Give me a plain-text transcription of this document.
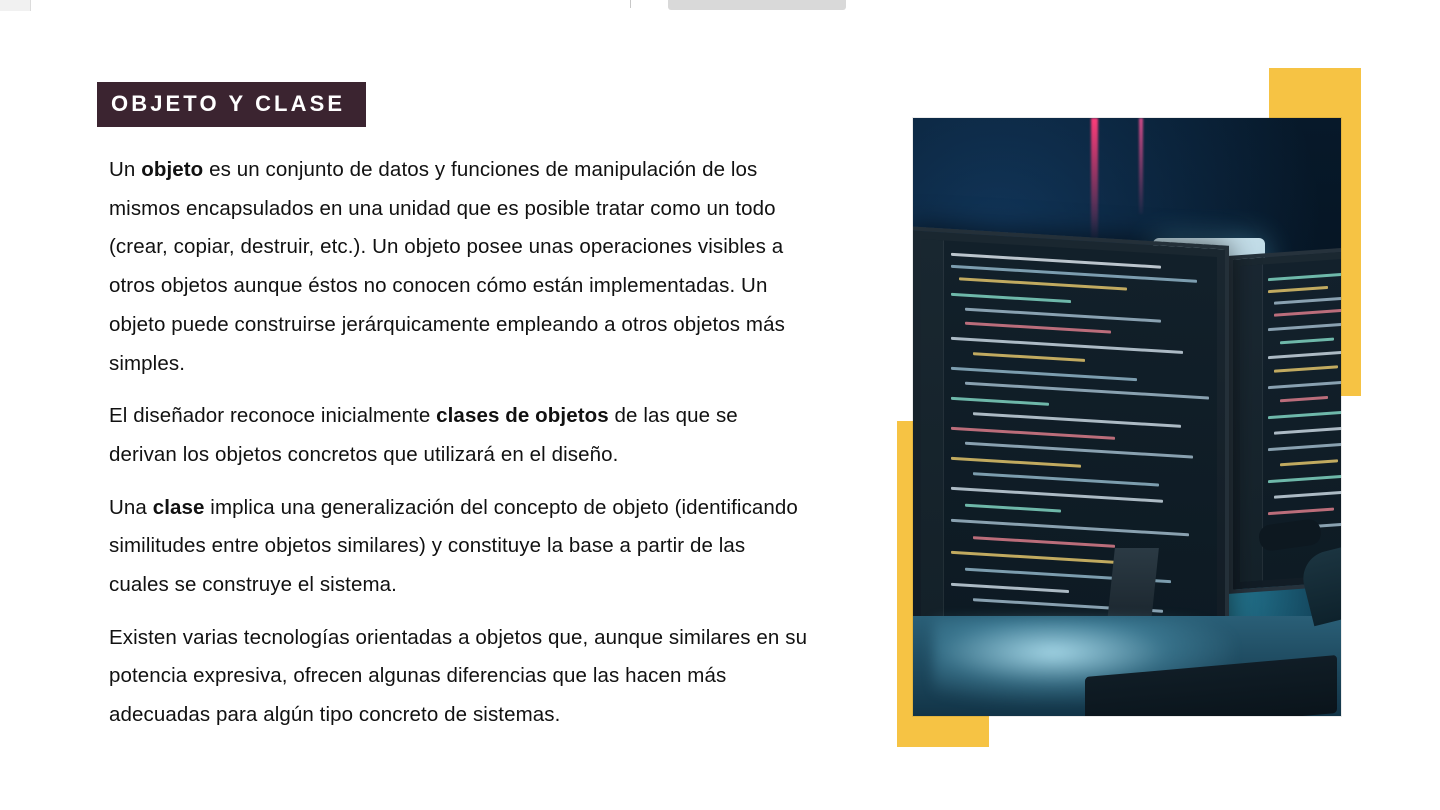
OBJETO Y CLASE

Un objeto es un conjunto de datos y funciones de manipulación de los mismos encapsulados en una unidad que es posible tratar como un todo (crear, copiar, destruir, etc.). Un objeto posee unas operaciones visibles a otros objetos aunque éstos no conocen cómo están implementadas. Un objeto puede construirse jerárquicamente empleando a otros objetos más simples.

El diseñador reconoce inicialmente clases de objetos de las que se derivan los objetos concretos que utilizará en el diseño.

Una clase implica una generalización del concepto de objeto (identificando similitudes entre objetos similares) y constituye la base a partir de las cuales se construye el sistema.

Existen varias tecnologías orientadas a objetos que, aunque similares en su potencia expresiva, ofrecen algunas diferencias que las hacen más adecuadas para algún tipo concreto de sistemas.
